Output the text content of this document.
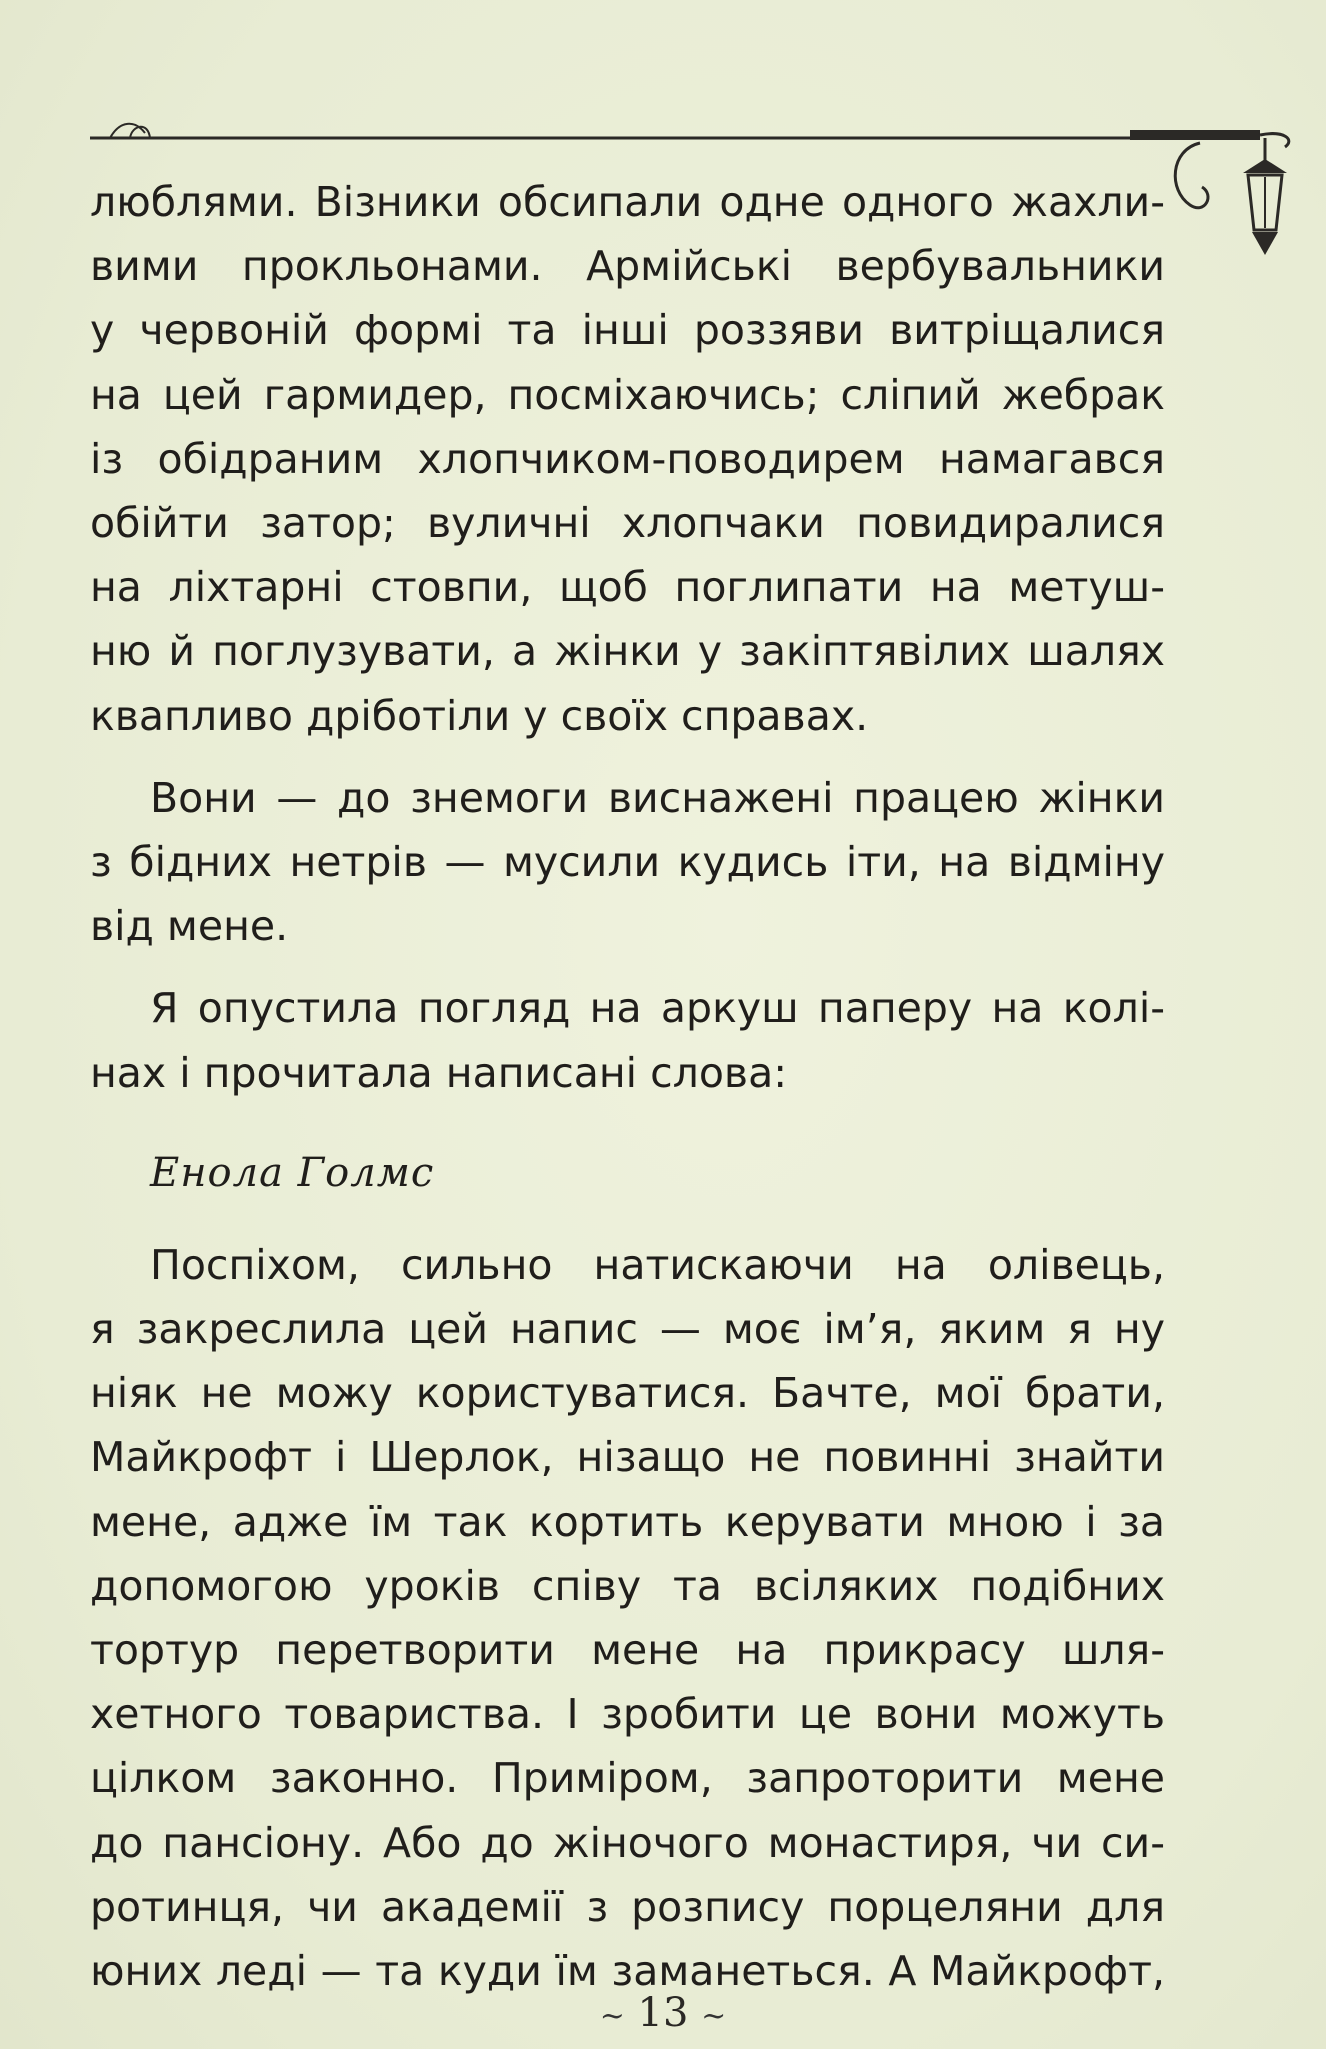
люблями. Візники обсипали одне одного жахли-
вими прокльонами. Армійські вербувальники
у червоній формі та інші роззяви витріщалися
на цей гармидер, посміхаючись; сліпий жебрак
із обідраним хлопчиком-поводирем намагався
обійти затор; вуличні хлопчаки повидиралися
на ліхтарні стовпи, щоб поглипати на метуш-
ню й поглузувати, а жінки у закіптявілих шалях
квапливо дріботіли у своїх справах.

Вони — до знемоги виснажені працею жінки
з бідних нетрів — мусили кудись іти, на відміну
від мене.

Я опустила погляд на аркуш паперу на колі-
нах і прочитала написані слова:

Енола Голмс

Поспіхом, сильно натискаючи на олівець,
я закреслила цей напис — моє ім’я, яким я ну
ніяк не можу користуватися. Бачте, мої брати,
Майкрофт і Шерлок, нізащо не повинні знайти
мене, адже їм так кортить керувати мною і за
допомогою уроків співу та всіляких подібних
тортур перетворити мене на прикрасу шля-
хетного товариства. І зробити це вони можуть
цілком законно. Приміром, запроторити мене
до пансіону. Або до жіночого монастиря, чи си-
ротинця, чи академії з розпису порцеляни для
юних леді — та куди їм заманеться. А Майкрофт,

~ 13 ~
